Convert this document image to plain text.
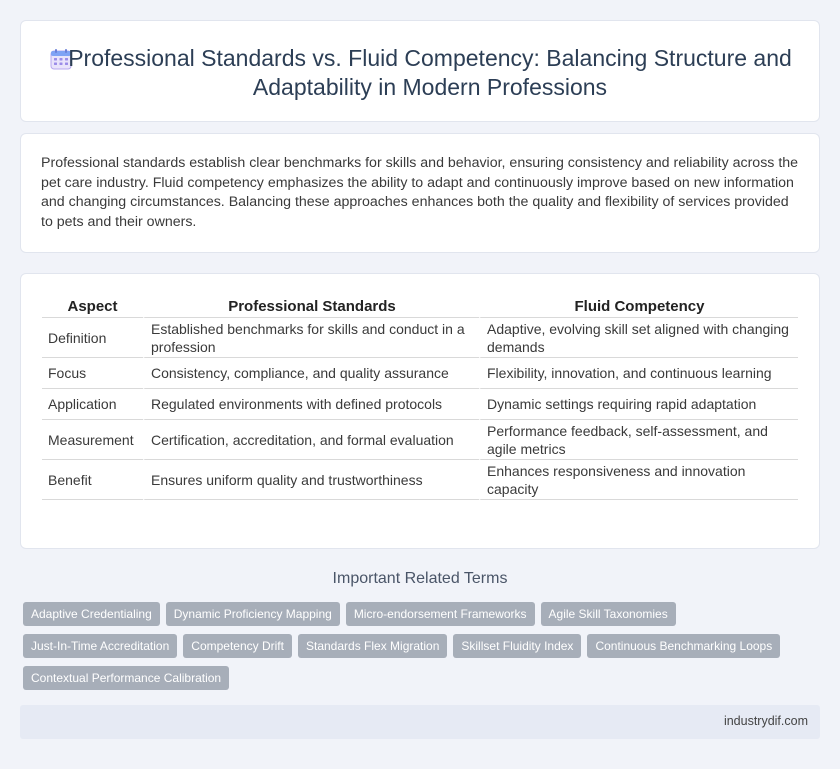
Professional Standards vs. Fluid Competency: Balancing Structure and Adaptability in Modern Professions

Professional standards establish clear benchmarks for skills and behavior, ensuring consistency and reliability across the pet care industry. Fluid competency emphasizes the ability to adapt and continuously improve based on new information and changing circumstances. Balancing these approaches enhances both the quality and flexibility of services provided to pets and their owners.

Aspect	Professional Standards	Fluid Competency
Definition	Established benchmarks for skills and conduct in a profession	Adaptive, evolving skill set aligned with changing demands
Focus	Consistency, compliance, and quality assurance	Flexibility, innovation, and continuous learning
Application	Regulated environments with defined protocols	Dynamic settings requiring rapid adaptation
Measurement	Certification, accreditation, and formal evaluation	Performance feedback, self-assessment, and agile metrics
Benefit	Ensures uniform quality and trustworthiness	Enhances responsiveness and innovation capacity
Important Related Terms
Adaptive Credentialing	Dynamic Proficiency Mapping	Micro-endorsement Frameworks	Agile Skill Taxonomies
Just-In-Time Accreditation	Competency Drift	Standards Flex Migration	Skillset Fluidity Index	Continuous Benchmarking Loops
Contextual Performance Calibration
industrydif.com
